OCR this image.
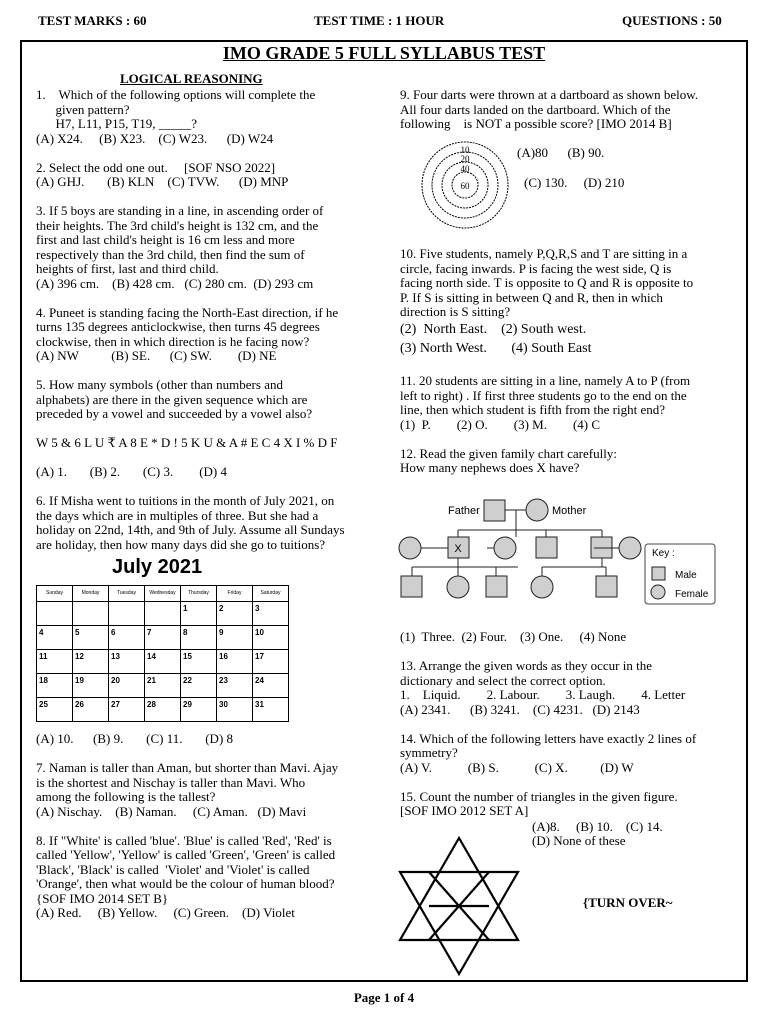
TEST MARKS : 60	TEST TIME : 1 HOUR	QUESTIONS : 50
IMO GRADE 5 FULL SYLLABUS TEST
LOGICAL REASONING
1.    Which of the following options will complete the
given pattern?
H7, L11, P15, T19, _____?
(A) X24.     (B) X23.    (C) W23.      (D) W24
2. Select the odd one out.     [SOF NSO 2022]
(A) GHJ.       (B) KLN    (C) TVW.      (D) MNP
3. If 5 boys are standing in a line, in ascending order of
their heights. The 3rd child's height is 132 cm, and the
first and last child's height is 16 cm less and more
respectively than the 3rd child, then find the sum of
heights of first, last and third child.
(A) 396 cm.    (B) 428 cm.   (C) 280 cm.  (D) 293 cm
4. Puneet is standing facing the North-East direction, if he
turns 135 degrees anticlockwise, then turns 45 degrees
clockwise, then in which direction is he facing now?
(A) NW          (B) SE.      (C) SW.        (D) NE
5. How many symbols (other than numbers and
alphabets) are there in the given sequence which are
preceded by a vowel and succeeded by a vowel also?
W 5 & 6 L U ₹ A 8 E * D ! 5 K U & A # E C 4 X I % D F
(A) 1.       (B) 2.       (C) 3.        (D) 4
6. If Misha went to tuitions in the month of July 2021, on
the days which are in multiples of three. But she had a
holiday on 22nd, 14th, and 9th of July. Assume all Sundays
are holiday, then how many days did she go to tuitions?
July 2021
Sunday	Monday	Tuesday	Wednesday	Thursday	Friday	Saturday
				1	2	3
4	5	6	7	8	9	10
11	12	13	14	15	16	17
18	19	20	21	22	23	24
25	26	27	28	29	30	31
(A) 10.      (B) 9.       (C) 11.       (D) 8
7. Naman is taller than Aman, but shorter than Mavi. Ajay
is the shortest and Nischay is taller than Mavi. Who
among the following is the tallest?
(A) Nischay.    (B) Naman.     (C) Aman.   (D) Mavi
8. If "White' is called 'blue'. 'Blue' is called 'Red', 'Red' is
called 'Yellow', 'Yellow' is called 'Green', 'Green' is called
'Black', 'Black' is called  'Violet' and 'Violet' is called
'Orange', then what would be the colour of human blood?
{SOF IMO 2014 SET B}
(A) Red.     (B) Yellow.     (C) Green.    (D) Violet
9. Four darts were thrown at a dartboard as shown below.
All four darts landed on the dartboard. Which of the
following    is NOT a possible score? [IMO 2014 B]
10
20
40
60
(A)80      (B) 90.
(C) 130.     (D) 210
10. Five students, namely P,Q,R,S and T are sitting in a
circle, facing inwards. P is facing the west side, Q is
facing north side. T is opposite to Q and R is opposite to
P. If S is sitting in between Q and R, then in which
direction is S sitting?
(2)  North East.    (2) South west.
(3) North West.       (4) South East
11. 20 students are sitting in a line, namely A to P (from
left to right) . If first three students go to the end on the
line, then which student is fifth from the right end?
(1)  P.        (2) O.        (3) M.        (4) C
12. Read the given family chart carefully:
How many nephews does X have?
Father	Mother
X	Key :
Male
Female
(1)  Three.  (2) Four.    (3) One.     (4) None
13. Arrange the given words as they occur in the
dictionary and select the correct option.
1.    Liquid.        2. Labour.        3. Laugh.        4. Letter
(A) 2341.      (B) 3241.    (C) 4231.   (D) 2143
14. Which of the following letters have exactly 2 lines of
symmetry?
(A) V.           (B) S.           (C) X.          (D) W
15. Count the number of triangles in the given figure.
[SOF IMO 2012 SET A]
(A)8.     (B) 10.    (C) 14.
(D) None of these
{TURN OVER~
Page 1 of 4
